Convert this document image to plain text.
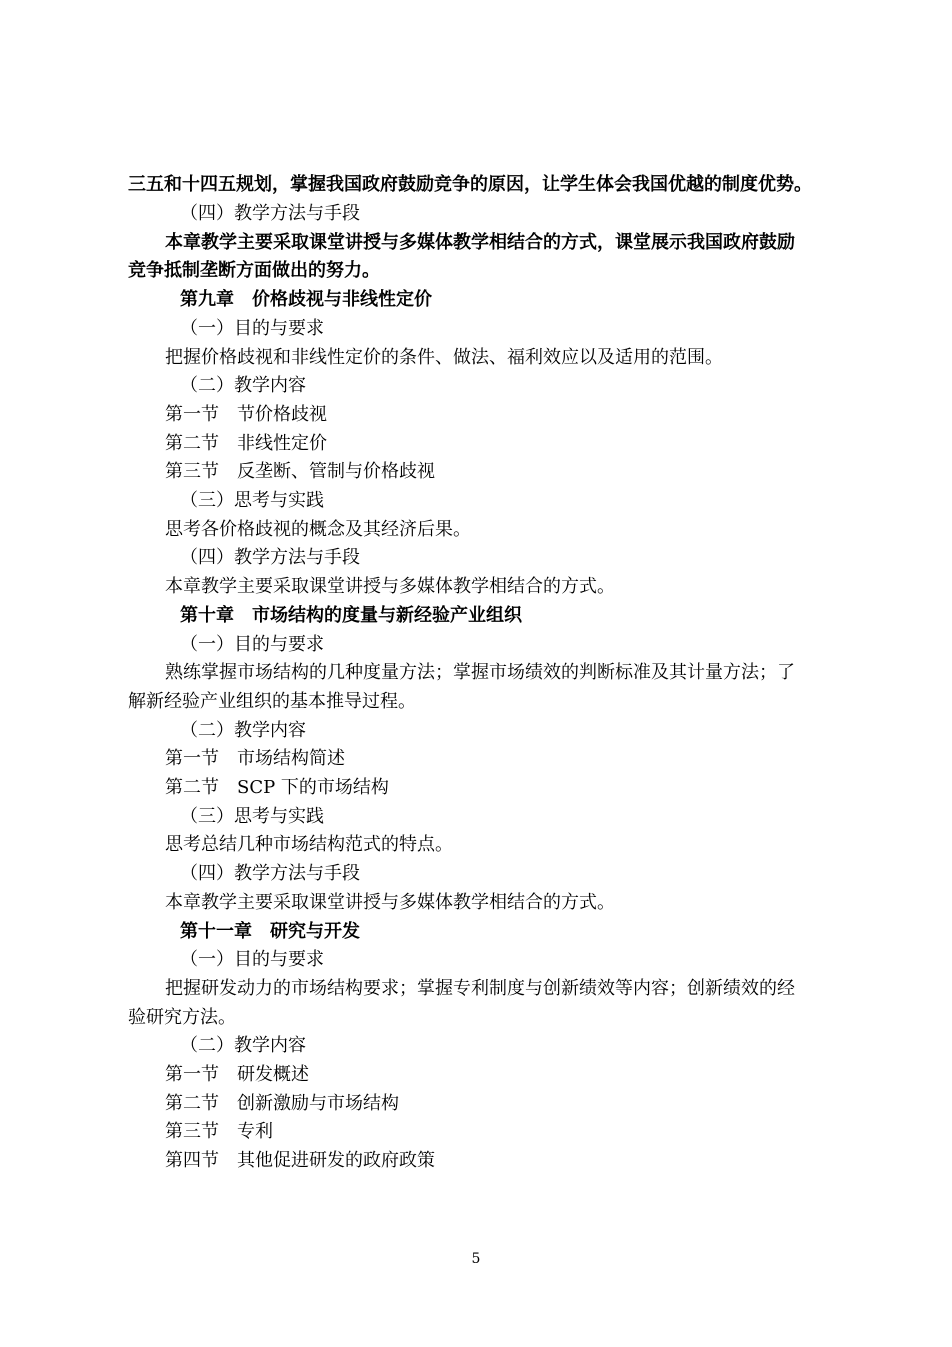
三五和十四五规划，掌握我国政府鼓励竞争的原因，让学生体会我国优越的制度优势。
（四）教学方法与手段
本章教学主要采取课堂讲授与多媒体教学相结合的方式，课堂展示我国政府鼓励
竞争抵制垄断方面做出的努力。
第九章　价格歧视与非线性定价
（一）目的与要求
把握价格歧视和非线性定价的条件、做法、福利效应以及适用的范围。
（二）教学内容
第一节　节价格歧视
第二节　非线性定价
第三节　反垄断、管制与价格歧视
（三）思考与实践
思考各价格歧视的概念及其经济后果。
（四）教学方法与手段
本章教学主要采取课堂讲授与多媒体教学相结合的方式。
第十章　市场结构的度量与新经验产业组织
（一）目的与要求
熟练掌握市场结构的几种度量方法；掌握市场绩效的判断标准及其计量方法；了
解新经验产业组织的基本推导过程。
（二）教学内容
第一节　市场结构简述
第二节　SCP 下的市场结构
（三）思考与实践
思考总结几种市场结构范式的特点。
（四）教学方法与手段
本章教学主要采取课堂讲授与多媒体教学相结合的方式。
第十一章　研究与开发
（一）目的与要求
把握研发动力的市场结构要求；掌握专利制度与创新绩效等内容；创新绩效的经
验研究方法。
（二）教学内容
第一节　研发概述
第二节　创新激励与市场结构
第三节　专利
第四节　其他促进研发的政府政策
5
